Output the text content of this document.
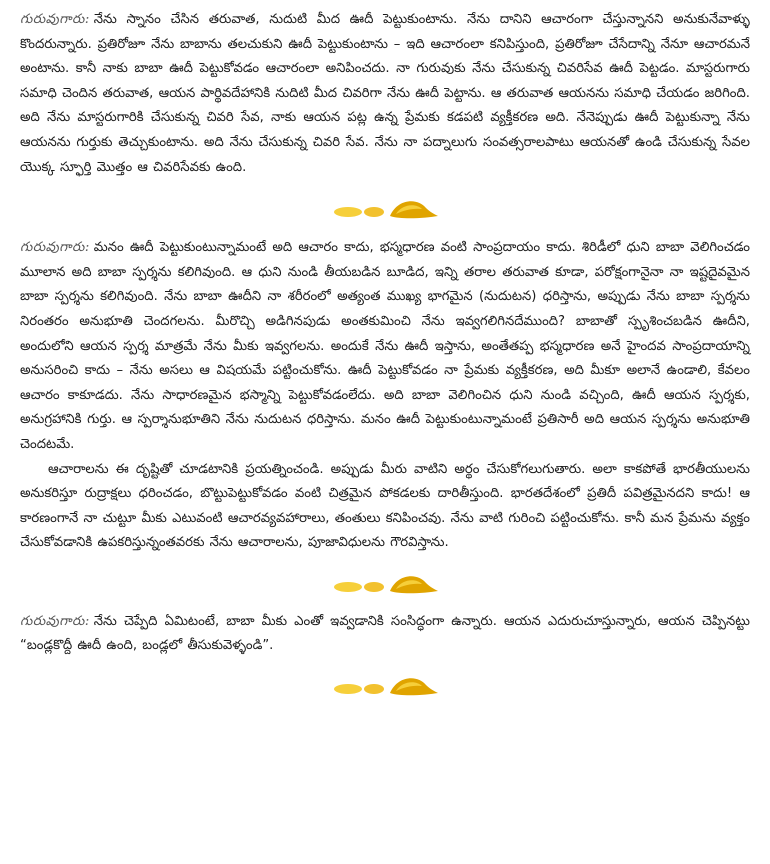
గురువుగారు: నేను స్నానం చేసిన తరువాత, నుదుటి మీద ఊదీ పెట్టుకుంటాను. నేను దానిని ఆచారంగా చేస్తున్నానని అనుకునేవాళ్ళు కొందరున్నారు. ప్రతిరోజూ నేను బాబాను తలచుకుని ఊదీ పెట్టుకుంటాను – ఇది ఆచారంలా కనిపిస్తుంది, ప్రతిరోజూ చేసేదాన్ని నేనూ ఆచారమనే అంటాను. కానీ నాకు బాబా ఊదీ పెట్టుకోవడం ఆచారంలా అనిపించదు. నా గురువుకు నేను చేసుకున్న చివరిసేవ ఊదీ పెట్టడం. మాస్టరుగారు సమాధి చెందిన తరువాత, ఆయన పార్థివదేహానికి నుదిటి మీద చివరిగా నేను ఊదీ పెట్టాను. ఆ తరువాత ఆయనను సమాధి చేయడం జరిగింది. అది నేను మాస్టరుగారికి చేసుకున్న చివరి సేవ, నాకు ఆయన పట్ల ఉన్న ప్రేమకు కడపటి వ్యక్తీకరణ అది. నేనెప్పుడు ఊదీ పెట్టుకున్నా నేను ఆయనను గుర్తుకు తెచ్చుకుంటాను. అది నేను చేసుకున్న చివరి సేవ. నేను నా పద్నాలుగు సంవత్సరాలపాటు ఆయనతో ఉండి చేసుకున్న సేవల యొక్క స్ఫూర్తి మొత్తం ఆ చివరిసేవకు ఉంది.

గురువుగారు: మనం ఊదీ పెట్టుకుంటున్నామంటే అది ఆచారం కాదు, భస్మధారణ వంటి సాంప్రదాయం కాదు. శిరిడీలో ధుని బాబా వెలిగించడం మూలాన అది బాబా స్పర్శను కలిగివుంది. ఆ ధుని నుండి తీయబడిన బూడిద, ఇన్ని తరాల తరువాత కూడా, పరోక్షంగానైనా నా ఇష్టదైవమైన బాబా స్పర్శను కలిగివుంది. నేను బాబా ఊదీని నా శరీరంలో అత్యంత ముఖ్య భాగమైన (నుదుటన) ధరిస్తాను, అప్పుడు నేను బాబా స్పర్శను నిరంతరం అనుభూతి చెందగలను. మీరొచ్చి అడిగినపుడు అంతకుమించి నేను ఇవ్వగలిగినదేముంది? బాబాతో స్పృశించబడిన ఊదీని, అందులోని ఆయన స్పర్శ మాత్రమే నేను మీకు ఇవ్వగలను. అందుకే నేను ఊదీ ఇస్తాను, అంతేతప్ప భస్మధారణ అనే హైందవ సాంప్రదాయాన్ని అనుసరించి కాదు – నేను అసలు ఆ విషయమే పట్టించుకోను. ఊదీ పెట్టుకోవడం నా ప్రేమకు వ్యక్తీకరణ, అది మీకూ అలానే ఉండాలి, కేవలం ఆచారం కాకూడదు. నేను సాధారణమైన భస్మాన్ని పెట్టుకోవడంలేదు. అది బాబా వెలిగించిన ధుని నుండి వచ్చింది, ఊదీ ఆయన స్పర్శకు, అనుగ్రహానికి గుర్తు. ఆ స్పర్శానుభూతిని నేను నుదుటన ధరిస్తాను. మనం ఊదీ పెట్టుకుంటున్నామంటే ప్రతిసారీ అది ఆయన స్పర్శను అనుభూతి చెందటమే.

ఆచారాలను ఈ దృష్టితో చూడటానికి ప్రయత్నించండి. అప్పుడు మీరు వాటిని అర్థం చేసుకోగలుగుతారు. అలా కాకపోతే భారతీయులను అనుకరిస్తూ రుద్రాక్షలు ధరించడం, బొట్టుపెట్టుకోవడం వంటి చిత్రమైన పోకడలకు దారితీస్తుంది. భారతదేశంలో ప్రతిదీ పవిత్రమైనదని కాదు! ఆ కారణంగానే నా చుట్టూ మీకు ఎటువంటి ఆచారవ్యవహారాలు, తంతులు కనిపించవు. నేను వాటి గురించి పట్టించుకోను. కానీ మన ప్రేమను వ్యక్తం చేసుకోవడానికి ఉపకరిస్తున్నంతవరకు నేను ఆచారాలను, పూజావిధులను గౌరవిస్తాను.

గురువుగారు: నేను చెప్పేది ఏమిటంటే, బాబా మీకు ఎంతో ఇవ్వడానికి సంసిద్ధంగా ఉన్నారు. ఆయన ఎదురుచూస్తున్నారు, ఆయన చెప్పినట్టు “బండ్లకొద్దీ ఊదీ ఉంది, బండ్లలో తీసుకువెళ్ళండి”.
